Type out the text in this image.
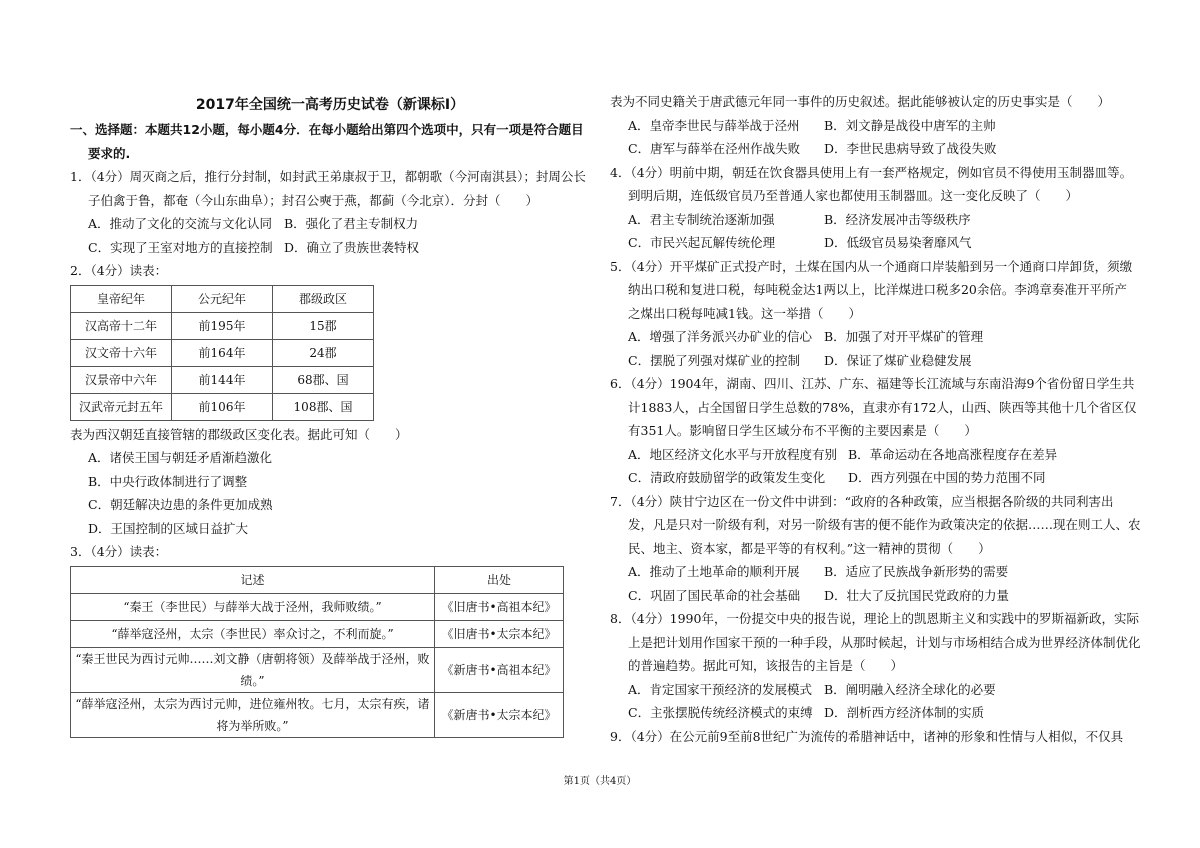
2017年全国统一高考历史试卷（新课标Ⅰ）
一、选择题：本题共12小题，每小题4分．在每小题给出第四个选项中，只有一项是符合题目
要求的.
1．（4分）周灭商之后，推行分封制，如封武王弟康叔于卫，都朝歌（今河南淇县）；封周公长
子伯禽于鲁，都奄（今山东曲阜）；封召公奭于燕，都蓟（今北京）．分封（　　）
A．推动了文化的交流与文化认同 B．强化了君主专制权力
C．实现了王室对地方的直接控制 D．确立了贵族世袭特权
2．（4分）读表：
皇帝纪年	公元纪年	郡级政区
汉高帝十二年	前195年	15郡
汉文帝十六年	前164年	24郡
汉景帝中六年	前144年	68郡、国
汉武帝元封五年	前106年	108郡、国
表为西汉朝廷直接管辖的郡级政区变化表。据此可知（　　）
A．诸侯王国与朝廷矛盾渐趋激化
B．中央行政体制进行了调整
C．朝廷解决边患的条件更加成熟
D．王国控制的区域日益扩大
3．（4分）读表：
记述	出处

“秦王（李世民）与薛举大战于泾州，我师败绩。”	《旧唐书•高祖本纪》

“薛举寇泾州，太宗（李世民）率众讨之，不利而旋。”	《旧唐书•太宗本纪》

“秦王世民为西讨元帅……刘文静（唐朝将领）及薛举战于泾州，败
绩。”	《新唐书•高祖本纪》

“薛举寇泾州，太宗为西讨元帅，进位雍州牧。七月，太宗有疾，诸
将为举所败。”	《新唐书•太宗本纪》
表为不同史籍关于唐武德元年同一事件的历史叙述。据此能够被认定的历史事实是（　　）
A．皇帝李世民与薛举战于泾州	B．刘文静是战役中唐军的主帅
C．唐军与薛举在泾州作战失败	D．李世民患病导致了战役失败
4．（4分）明前中期，朝廷在饮食器具使用上有一套严格规定，例如官员不得使用玉制器皿等。
到明后期，连低级官员乃至普通人家也都使用玉制器皿。这一变化反映了（　　）
A．君主专制统治逐渐加强	B．经济发展冲击等级秩序
C．市民兴起瓦解传统伦理	D．低级官员易染奢靡风气
5．（4分）开平煤矿正式投产时，土煤在国内从一个通商口岸装船到另一个通商口岸卸货，须缴
纳出口税和复进口税，每吨税金达1两以上，比洋煤进口税多20余倍。李鸿章奏准开平所产
之煤出口税每吨减1钱。这一举措（　　）
A．增强了洋务派兴办矿业的信心 B．加强了对开平煤矿的管理
C．摆脱了列强对煤矿业的控制	D．保证了煤矿业稳健发展
6．（4分）1904年，湖南、四川、江苏、广东、福建等长江流域与东南沿海9个省份留日学生共
计1883人，占全国留日学生总数的78%，直隶亦有172人，山西、陕西等其他十几个省区仅
有351人。影响留日学生区域分布不平衡的主要因素是（　　）
A．地区经济文化水平与开放程度有别 B．革命运动在各地高涨程度存在差异
C．清政府鼓励留学的政策发生变化	D．西方列强在中国的势力范围不同
7．（4分）陕甘宁边区在一份文件中讲到：“政府的各种政策，应当根据各阶级的共同利害出
发，凡是只对一阶级有利，对另一阶级有害的便不能作为政策决定的依据……现在则工人、农
民、地主、资本家，都是平等的有权利。”这一精神的贯彻（　　）
A．推动了土地革命的顺利开展	B．适应了民族战争新形势的需要
C．巩固了国民革命的社会基础	D．壮大了反抗国民党政府的力量
8．（4分）1990年，一份提交中央的报告说，理论上的凯恩斯主义和实践中的罗斯福新政，实际
上是把计划用作国家干预的一种手段，从那时候起，计划与市场相结合成为世界经济体制优化
的普遍趋势。据此可知，该报告的主旨是（　　）
A．肯定国家干预经济的发展模式 B．阐明融入经济全球化的必要
C．主张摆脱传统经济模式的束缚 D．剖析西方经济体制的实质
9．（4分）在公元前9至前8世纪广为流传的希腊神话中，诸神的形象和性情与人相似，不仅具
第1页（共4页）
